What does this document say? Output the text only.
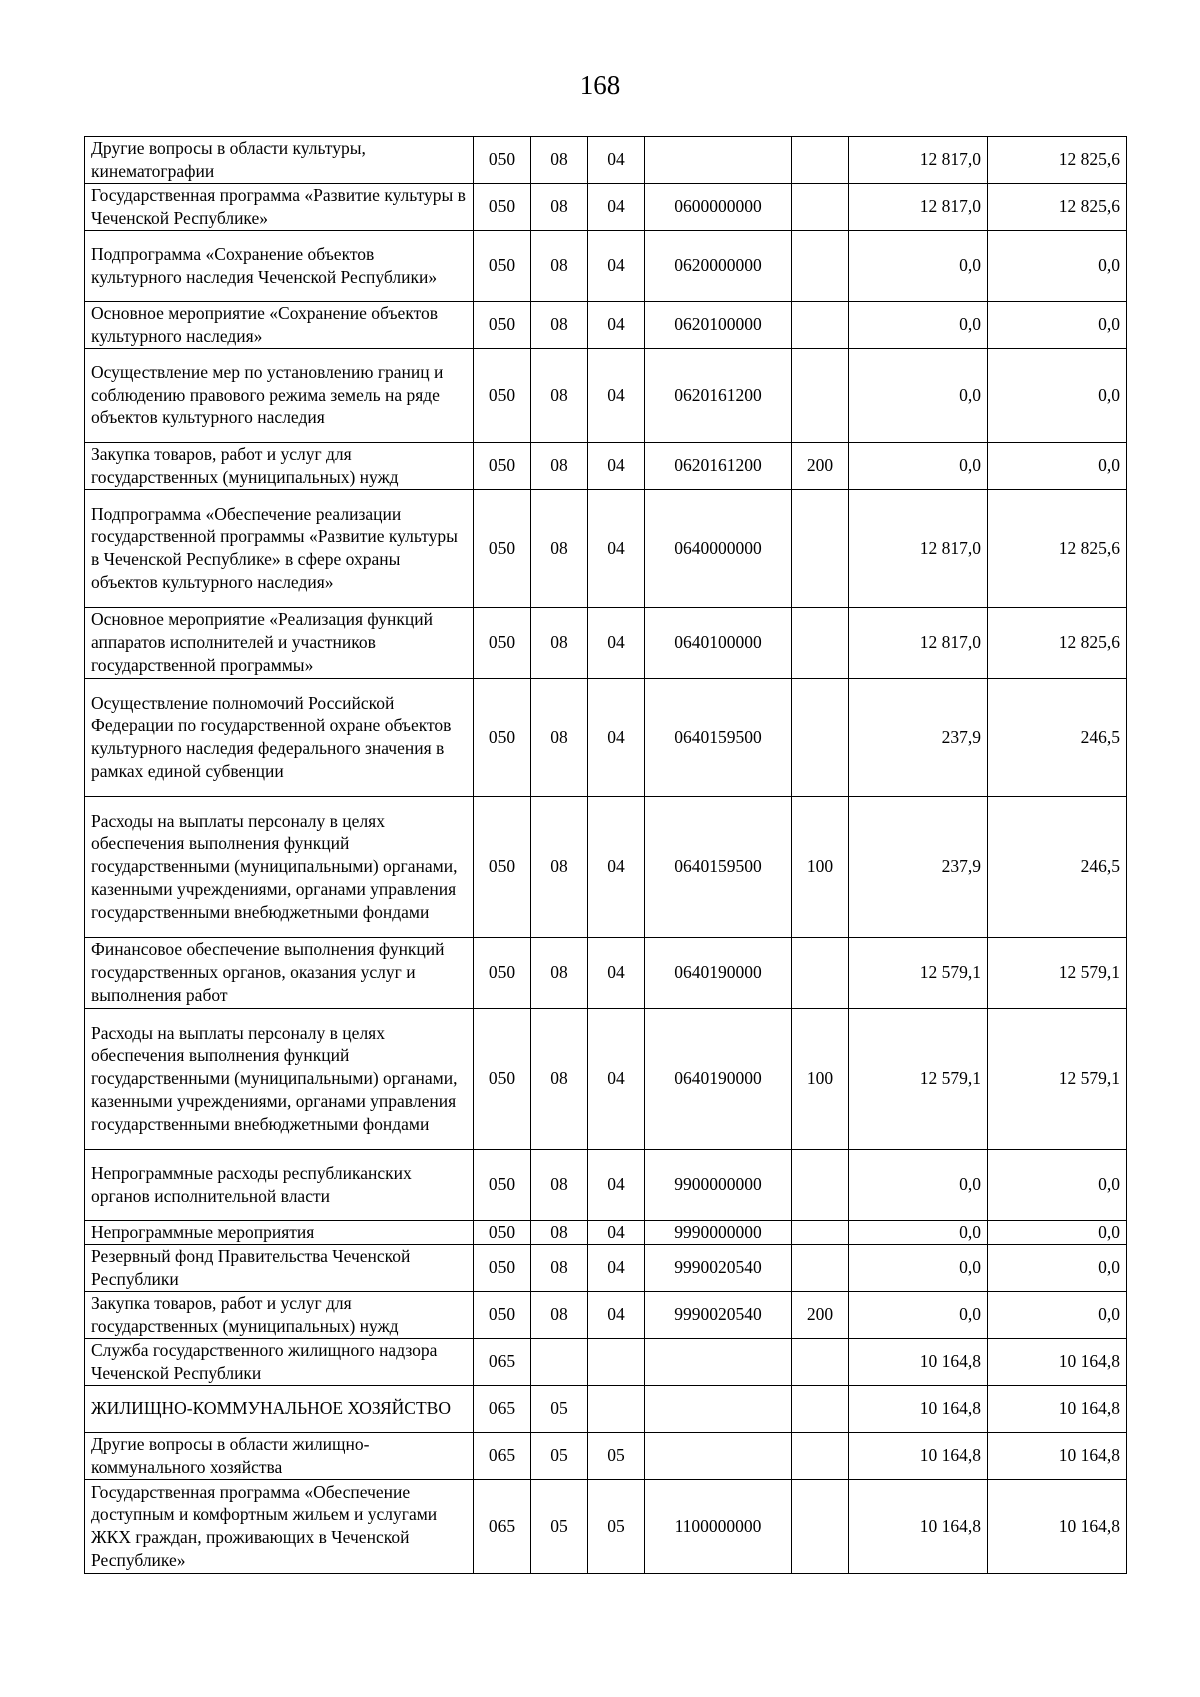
168
Другие вопросы в области культуры, кинематографии	050	08	04			12 817,0	12 825,6
Государственная программа «Развитие культуры в Чеченской Республике»	050	08	04	0600000000		12 817,0	12 825,6
Подпрограмма «Сохранение объектов культурного наследия Чеченской Республики»	050	08	04	0620000000		0,0	0,0
Основное мероприятие «Сохранение объектов культурного наследия»	050	08	04	0620100000		0,0	0,0
Осуществление мер по установлению границ и соблюдению правового режима земель на ряде объектов культурного наследия	050	08	04	0620161200		0,0	0,0
Закупка товаров, работ и услуг для государственных (муниципальных) нужд	050	08	04	0620161200	200	0,0	0,0
Подпрограмма «Обеспечение реализации государственной программы «Развитие культуры в Чеченской Республике» в сфере охраны объектов культурного наследия»	050	08	04	0640000000		12 817,0	12 825,6
Основное мероприятие «Реализация функций аппаратов исполнителей и участников государственной программы»	050	08	04	0640100000		12 817,0	12 825,6
Осуществление полномочий Российской Федерации по государственной охране объектов культурного наследия федерального значения в рамках единой субвенции	050	08	04	0640159500		237,9	246,5
Расходы на выплаты персоналу в целях обеспечения выполнения функций государственными (муниципальными) органами, казенными учреждениями, органами управления государственными внебюджетными фондами	050	08	04	0640159500	100	237,9	246,5
Финансовое обеспечение выполнения функций государственных органов, оказания услуг и выполнения работ	050	08	04	0640190000		12 579,1	12 579,1
Расходы на выплаты персоналу в целях обеспечения выполнения функций государственными (муниципальными) органами, казенными учреждениями, органами управления государственными внебюджетными фондами	050	08	04	0640190000	100	12 579,1	12 579,1
Непрограммные расходы республиканских органов исполнительной власти	050	08	04	9900000000		0,0	0,0
Непрограммные мероприятия	050	08	04	9990000000		0,0	0,0
Резервный фонд Правительства Чеченской Республики	050	08	04	9990020540		0,0	0,0
Закупка товаров, работ и услуг для государственных (муниципальных) нужд	050	08	04	9990020540	200	0,0	0,0
Служба государственного жилищного надзора Чеченской Республики	065					10 164,8	10 164,8
ЖИЛИЩНО-КОММУНАЛЬНОЕ ХОЗЯЙСТВО	065	05				10 164,8	10 164,8
Другие вопросы в области жилищно-коммунального хозяйства	065	05	05			10 164,8	10 164,8
Государственная программа «Обеспечение доступным и комфортным жильем и услугами ЖКХ граждан, проживающих в Чеченской Республике»	065	05	05	1100000000		10 164,8	10 164,8
